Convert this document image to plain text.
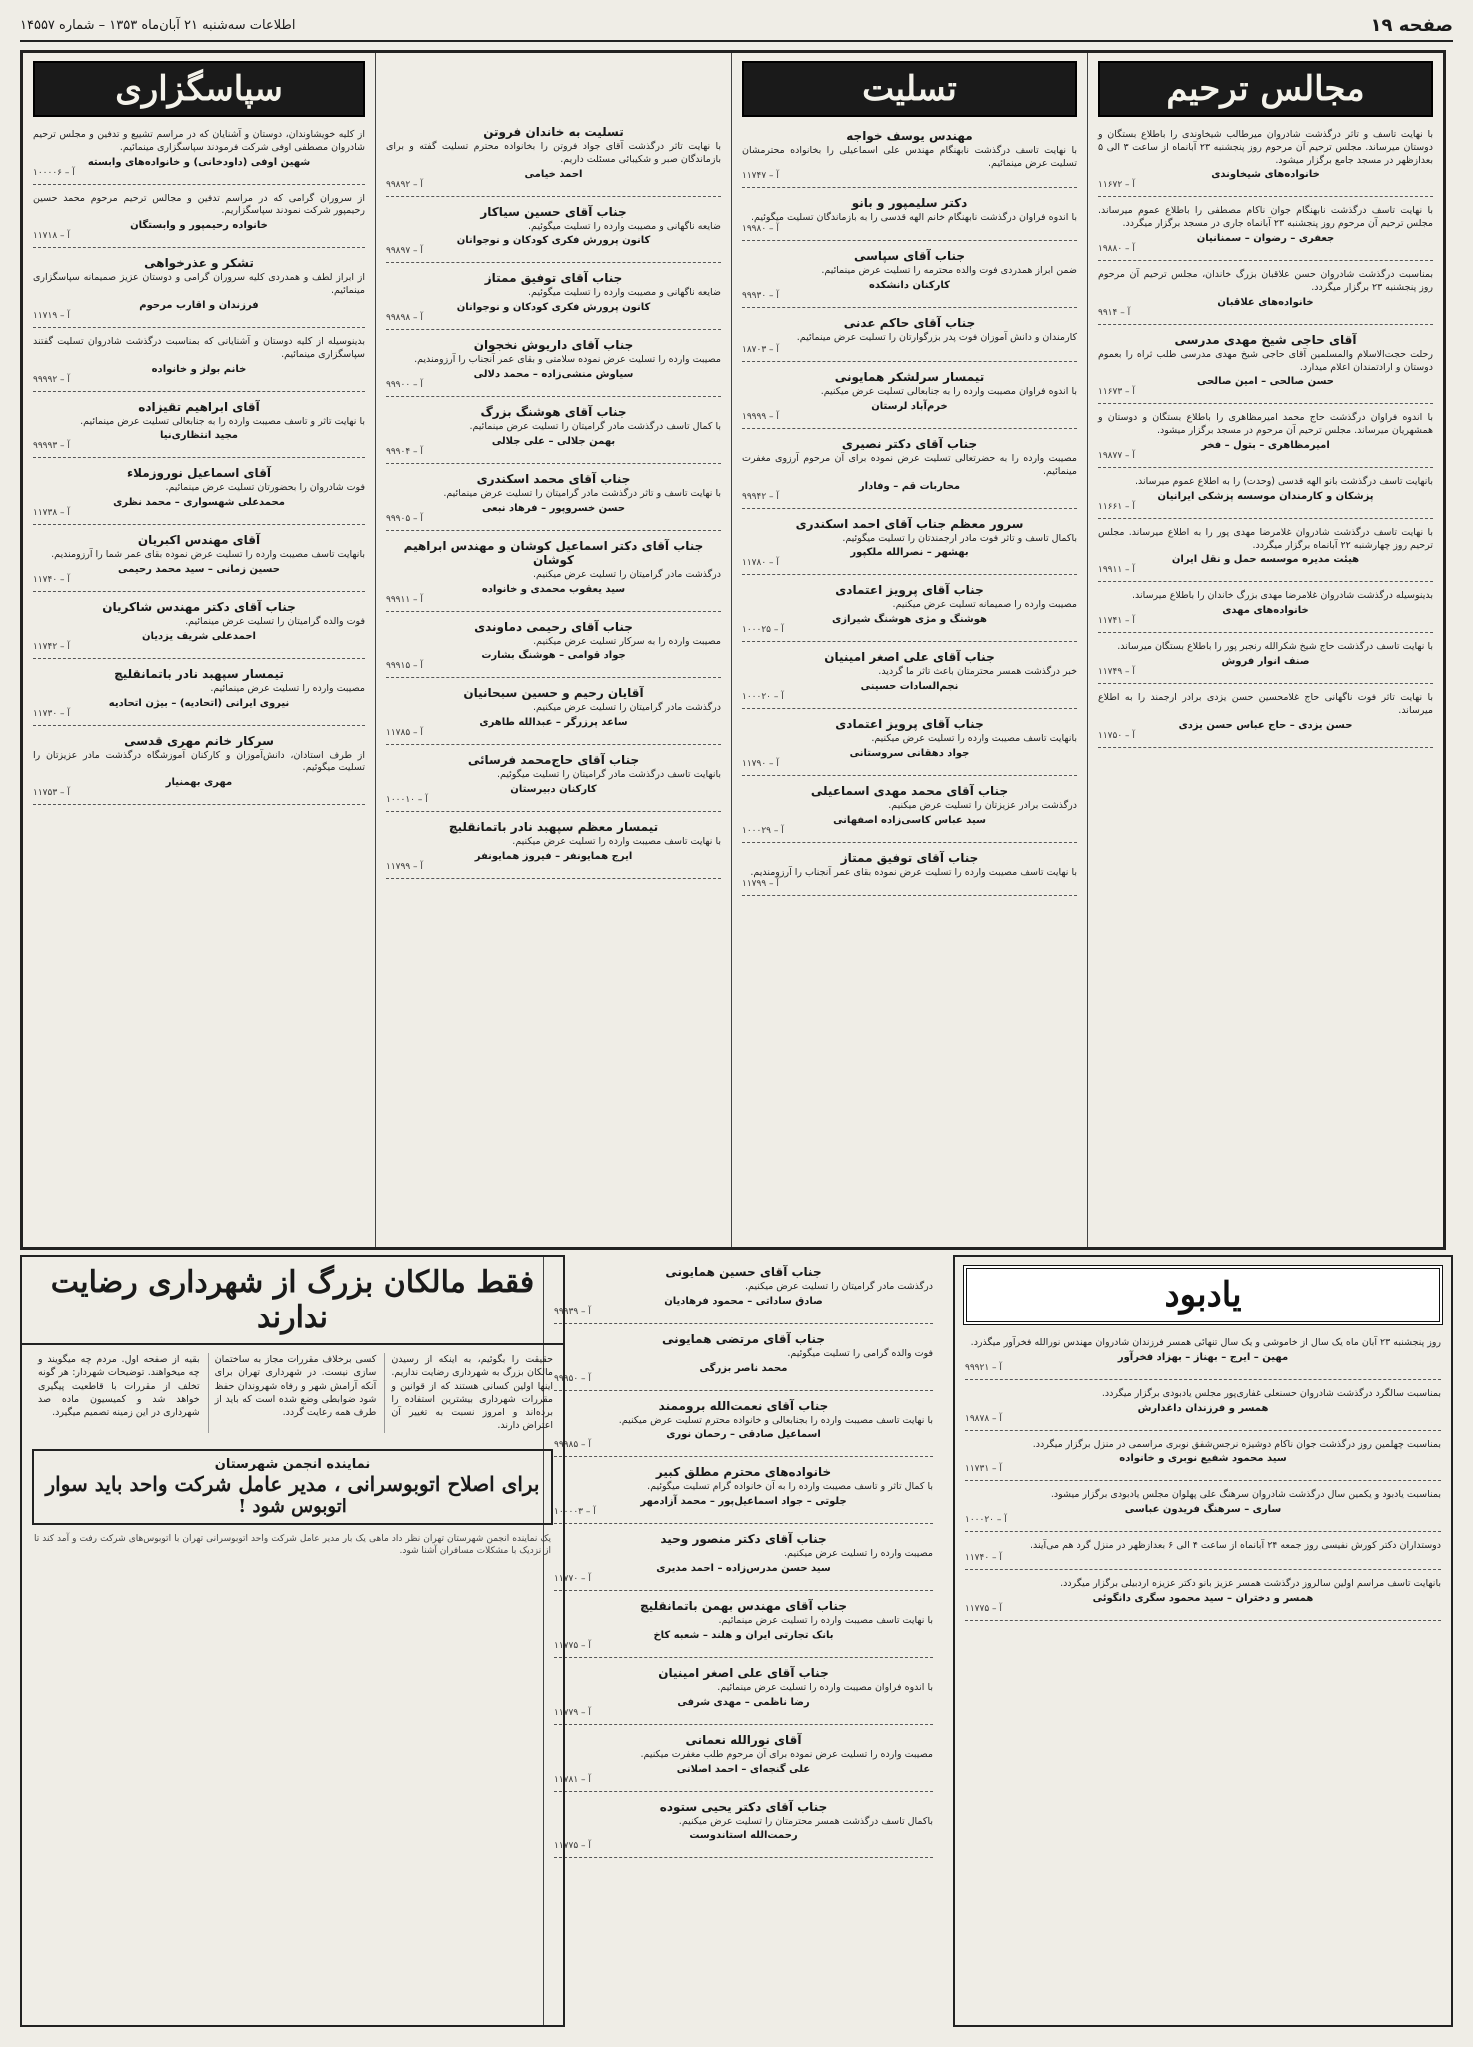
صفحه ۱۹
اطلاعات سه‌شنبه ۲۱ آبان‌ماه ۱۳۵۳ – شماره ۱۴۵۵۷
مجالس ترحیم
با نهایت تاسف و تاثر درگذشت شادروان میرطالب شیخاوندی را باطلاع بستگان و دوستان میرساند. مجلس ترحیم آن مرحوم روز پنجشنبه ۲۳ آبانماه از ساعت ۳ الی ۵ بعدازظهر در مسجد جامع برگزار میشود.
خانواده‌های شیخاوندی
آ – ۱۱۶۷۲
با نهایت تاسف درگذشت نابهنگام جوان ناکام مصطفی را باطلاع عموم میرساند. مجلس ترحیم آن مرحوم روز پنجشنبه ۲۳ آبانماه جاری در مسجد برگزار میگردد.
جعفری – رضوان – سمنانیان
آ – ۱۹۸۸۰
بمناسبت درگذشت شادروان حسن علاقبان بزرگ خاندان، مجلس ترحیم آن مرحوم روز پنجشنبه ۲۳ برگزار میگردد.
خانواده‌های علاقبان
آ – ۹۹۱۴
آقای حاجی شیخ مهدی مدرسی
رحلت حجت‌الاسلام والمسلمین آقای حاجی شیخ مهدی مدرسی طلب ثراه را بعموم دوستان و ارادتمندان اعلام میدارد.
حسن صالحی – امین صالحی
آ – ۱۱۶۷۳
با اندوه فراوان درگذشت حاج محمد امیرمظاهری را باطلاع بستگان و دوستان و همشهریان میرساند. مجلس ترحیم آن مرحوم در مسجد برگزار میشود.
امیرمظاهری – بتول – فخر
آ – ۱۹۸۷۷
بانهایت تاسف درگذشت بانو الهه قدسی (وحدت) را به اطلاع عموم میرساند.
پزشکان و کارمندان موسسه پزشکی ایرانیان
آ – ۱۱۶۶۱
با نهایت تاسف درگذشت شادروان غلامرضا مهدی پور را به اطلاع میرساند. مجلس ترحیم روز چهارشنبه ۲۲ آبانماه برگزار میگردد.
هیئت مدیره موسسه حمل و نقل ایران
آ – ۱۹۹۱۱
بدینوسیله درگذشت شادروان غلامرضا مهدی بزرگ خاندان را باطلاع میرساند.
خانواده‌های مهدی
آ – ۱۱۷۴۱
با نهایت تاسف درگذشت حاج شیخ شکرالله رنجبر پور را باطلاع بستگان میرساند.
صنف انوار فروش
آ – ۱۱۷۴۹
با نهایت تاثر فوت ناگهانی حاج غلامحسین حسن یزدی برادر ارجمند را به اطلاع میرساند.
حسن یزدی – حاج عباس حسن یزدی
آ – ۱۱۷۵۰
تسلیت
مهندس یوسف خواجه
با نهایت تاسف درگذشت نابهنگام مهندس علی اسماعیلی را بخانواده محترمشان تسلیت عرض مینمائیم.
آ – ۱۱۷۴۷
دکتر سلیمپور و بانو
با اندوه فراوان درگذشت نابهنگام خانم الهه قدسی را به بازماندگان تسلیت میگوئیم.
آ – ۱۹۹۸۰
جناب آقای سپاسی
ضمن ابراز همدردی فوت والده محترمه را تسلیت عرض مینمائیم.
کارکنان دانشکده
آ – ۹۹۹۳۰
جناب آقای حاکم عدنی
کارمندان و دانش آموزان فوت پدر بزرگوارتان را تسلیت عرض مینمائیم.
آ – ۱۸۷۰۳
تیمسار سرلشکر همایونی
با اندوه فراوان مصیبت وارده را به جنابعالی تسلیت عرض میکنیم.
خرم‌آباد لرستان
آ – ۱۹۹۹۹
جناب آقای دکتر نصیری
مصیبت وارده را به حضرتعالی تسلیت عرض نموده برای آن مرحوم آرزوی مغفرت مینمائیم.
محاربات قم – وفادار
آ – ۹۹۹۴۲
سرور معظم جناب آقای احمد اسکندری
باکمال تاسف و تاثر فوت مادر ارجمندتان را تسلیت میگوئیم.
بهشهر – نصرالله ملکپور
آ – ۱۱۷۸۰
جناب آقای پرویز اعتمادی
مصیبت وارده را صمیمانه تسلیت عرض میکنیم.
هوشنگ و مژی هوشنگ شیرازی
آ – ۱۰۰۰۲۵
جناب آقای علی اصغر امینیان
خبر درگذشت همسر محترمتان باعث تاثر ما گردید.
نجم‌السادات حسینی
آ – ۱۰۰۰۲۰
جناب آقای پرویز اعتمادی
بانهایت تاسف مصیبت وارده را تسلیت عرض میکنیم.
جواد دهقانی سروستانی
آ – ۱۱۷۹۰
جناب آقای محمد مهدی اسماعیلی
درگذشت برادر عزیزتان را تسلیت عرض میکنیم.
سید عباس کاسی‌زاده اصفهانی
آ – ۱۰۰۰۲۹
جناب آقای توفیق ممتاز
با نهایت تاسف مصیبت وارده را تسلیت عرض نموده بقای عمر آنجناب را آرزومندیم.
آ – ۱۱۷۹۹
تسلیت به خاندان فروتن
با نهایت تاثر درگذشت آقای جواد فروتن را بخانواده محترم تسلیت گفته و برای بازماندگان صبر و شکیبائی مسئلت داریم.
احمد خیامی
آ – ۹۹۸۹۲
جناب آقای حسین سیاکار
ضایعه ناگهانی و مصیبت وارده را تسلیت میگوئیم.
کانون پرورش فکری کودکان و نوجوانان
آ – ۹۹۸۹۷
جناب آقای توفیق ممتاز
ضایعه ناگهانی و مصیبت وارده را تسلیت میگوئیم.
کانون پرورش فکری کودکان و نوجوانان
آ – ۹۹۸۹۸
جناب آقای داریوش نخجوان
مصیبت وارده را تسلیت عرض نموده سلامتی و بقای عمر آنجناب را آرزومندیم.
سیاوش منشی‌زاده – محمد دلالی
آ – ۹۹۹۰۰
جناب آقای هوشنگ بزرگ
با کمال تاسف درگذشت مادر گرامیتان را تسلیت عرض مینمائیم.
بهمن جلالی – علی جلالی
آ – ۹۹۹۰۴
جناب آقای محمد اسکندری
با نهایت تاسف و تاثر درگذشت مادر گرامیتان را تسلیت عرض مینمائیم.
حسن خسروپور – فرهاد نبعی
آ – ۹۹۹۰۵
جناب آقای دکتر اسماعیل کوشان و مهندس ابراهیم کوشان
درگذشت مادر گرامیتان را تسلیت عرض میکنیم.
سید یعقوب محمدی و خانواده
آ – ۹۹۹۱۱
جناب آقای رحیمی دماوندی
مصیبت وارده را به سرکار تسلیت عرض میکنیم.
جواد قوامی – هوشنگ بشارت
آ – ۹۹۹۱۵
آقایان رحیم و حسین سبحانیان
درگذشت مادر گرامیتان را تسلیت عرض میکنیم.
ساعد پرزرگر – عبدالله طاهری
آ – ۱۱۷۸۵
جناب آقای حاج‌محمد فرسائی
بانهایت تاسف درگذشت مادر گرامیتان را تسلیت میگوئیم.
کارکنان دبیرستان
آ – ۱۰۰۰۱۰
تیمسار معظم سپهبد نادر باتمانقلیچ
با نهایت تاسف مصیبت وارده را تسلیت عرض میکنیم.
ایرج همایونفر – فیروز همایونفر
آ – ۱۱۷۹۹
سپاسگزاری
از کلیه خویشاوندان، دوستان و آشنایان که در مراسم تشییع و تدفین و مجلس ترحیم شادروان مصطفی اوفی شرکت فرمودند سپاسگزاری مینمائیم.
شهین اوفی (داودخانی) و خانواده‌های وابسته
آ – ۱۰۰۰۰۶
از سروران گرامی که در مراسم تدفین و مجالس ترحیم مرحوم محمد حسین رحیمپور شرکت نمودند سپاسگزاریم.
خانواده رحیمپور و وابستگان
آ – ۱۱۷۱۸
تشکر و عذرخواهی
از ابراز لطف و همدردی کلیه سروران گرامی و دوستان عزیز صمیمانه سپاسگزاری مینمائیم.
فرزندان و اقارب مرحوم
آ – ۱۱۷۱۹
بدینوسیله از کلیه دوستان و آشنایانی که بمناسبت درگذشت شادروان تسلیت گفتند سپاسگزاری مینمائیم.
خانم بولز و خانواده
آ – ۹۹۹۹۲
آقای ابراهیم تقیزاده
با نهایت تاثر و تاسف مصیبت وارده را به جنابعالی تسلیت عرض مینمائیم.
مجید انتظاری‌نیا
آ – ۹۹۹۹۳
آقای اسماعیل نوروزملاء
فوت شادروان را بحضورتان تسلیت عرض مینمائیم.
محمدعلی شهسواری – محمد نظری
آ – ۱۱۷۳۸
آقای مهندس اکبریان
بانهایت تاسف مصیبت وارده را تسلیت عرض نموده بقای عمر شما را آرزومندیم.
حسین زمانی – سید محمد رحیمی
آ – ۱۱۷۴۰
جناب آقای دکتر مهندس شاکریان
فوت والده گرامیتان را تسلیت عرض مینمائیم.
احمدعلی شریف یزدیان
آ – ۱۱۷۴۲
تیمسار سپهبد نادر باتمانقلیچ
مصیبت وارده را تسلیت عرض مینمائیم.
نیروی ایرانی (اتحادیه) – بیژن اتحادیه
آ – ۱۱۷۳۰
سرکار خانم مهری قدسی
از طرف استادان، دانش‌آموزان و کارکنان آموزشگاه درگذشت مادر عزیزتان را تسلیت میگوئیم.
مهری بهمنیار
آ – ۱۱۷۵۳
یادبود
روز پنجشنبه ۲۳ آبان ماه یک سال از خاموشی و یک سال تنهائی همسر فرزندان شادروان مهندس نورالله فخرآور میگذرد.
مهین – ایرج – بهناز – بهزاد فخرآور
آ – ۹۹۹۲۱
بمناسبت سالگرد درگذشت شادروان حسنعلی غفاری‌پور مجلس یادبودی برگزار میگردد.
همسر و فرزندان داغدارش
آ – ۱۹۸۷۸
بمناسبت چهلمین روز درگذشت جوان ناکام دوشیزه نرجس‌شفق نوبری مراسمی در منزل برگزار میگردد.
سید محمود شفیع نوبری و خانواده
آ – ۱۱۷۳۱
بمناسبت یادبود و یکمین سال درگذشت شادروان سرهنگ علی پهلوان مجلس یادبودی برگزار میشود.
ساری – سرهنگ فریدون عباسی
آ – ۱۰۰۰۲۰
دوستداران دکتر کورش نفیسی روز جمعه ۲۴ آبانماه از ساعت ۴ الی ۶ بعدازظهر در منزل گرد هم می‌آیند.
آ – ۱۱۷۴۰
بانهایت تاسف مراسم اولین سالروز درگذشت همسر عزیز بانو دکتر عزیزه اردبیلی برگزار میگردد.
همسر و دختران – سید محمود سگری دانگوئی
آ – ۱۱۷۷۵
جناب آقای حسین همایونی
درگذشت مادر گرامیتان را تسلیت عرض میکنیم.
صادق ساداتی – محمود فرهادیان
آ – ۹۹۹۳۹
جناب آقای مرتضی همایونی
فوت والده گرامی را تسلیت میگوئیم.
محمد ناصر بزرگی
آ – ۹۹۹۵۰
جناب آقای نعمت‌الله بروممند
با نهایت تاسف مصیبت وارده را بجنابعالی و خانواده محترم تسلیت عرض میکنیم.
اسماعیل صادقی – رحمان نوری
آ – ۹۹۹۸۵
خانواده‌های محترم مطلق کبیر
با کمال تاثر و تاسف مصیبت وارده را به آن خانواده گرام تسلیت میگوئیم.
جلوتی – جواد اسماعیل‌پور – محمد آزادمهر
آ – ۱۰۰۰۰۳
جناب آقای دکتر منصور وحید
مصیبت وارده را تسلیت عرض میکنیم.
سید حسن مدرس‌زاده – احمد مدیری
آ – ۱۱۷۷۰
جناب آقای مهندس بهمن باتمانقلیچ
با نهایت تاسف مصیبت وارده را تسلیت عرض مینمائیم.
بانک تجارتی ایران و هلند – شعبه کاخ
آ – ۱۱۷۷۵
جناب آقای علی اصغر امینیان
با اندوه فراوان مصیبت وارده را تسلیت عرض مینمائیم.
رضا ناظمی – مهدی شرفی
آ – ۱۱۷۷۹
آقای نورالله نعمانی
مصیبت وارده را تسلیت عرض نموده برای آن مرحوم طلب مغفرت میکنیم.
علی گنجه‌ای – احمد اصلانی
آ – ۱۱۷۸۱
جناب آقای دکتر یحیی ستوده
باکمال تاسف درگذشت همسر محترمتان را تسلیت عرض میکنیم.
رحمت‌الله استاندوست
آ – ۱۱۷۷۵
فقط مالکان بزرگ از شهرداری رضایت ندارند
حقیقت را بگوئیم، به اینکه از رسیدن مالکان بزرگ به شهرداری رضایت نداریم. اینها اولین کسانی هستند که از قوانین و مقررات شهرداری بیشترین استفاده را برده‌اند و امروز نسبت به تغییر آن اعتراض دارند.
کسی برخلاف مقررات مجاز به ساختمان سازی نیست. در شهرداری تهران برای آنکه آرامش شهر و رفاه شهروندان حفظ شود ضوابطی وضع شده است که باید از طرف همه رعایت گردد.
بقیه از صفحه اول. مردم چه میگویند و چه میخواهند. توضیحات شهردار: هر گونه تخلف از مقررات با قاطعیت پیگیری خواهد شد و کمیسیون ماده صد شهرداری در این زمینه تصمیم میگیرد.
نماینده انجمن شهرستان
برای اصلاح اتوبوسرانی ، مدیر عامل شرکت واحد باید سوار
اتوبوس شود !
یک نماینده انجمن شهرستان تهران نظر داد ماهی یک بار مدیر عامل شرکت واحد اتوبوسرانی تهران با اتوبوس‌های شرکت رفت و آمد کند تا از نزدیک با مشکلات مسافران آشنا شود.
